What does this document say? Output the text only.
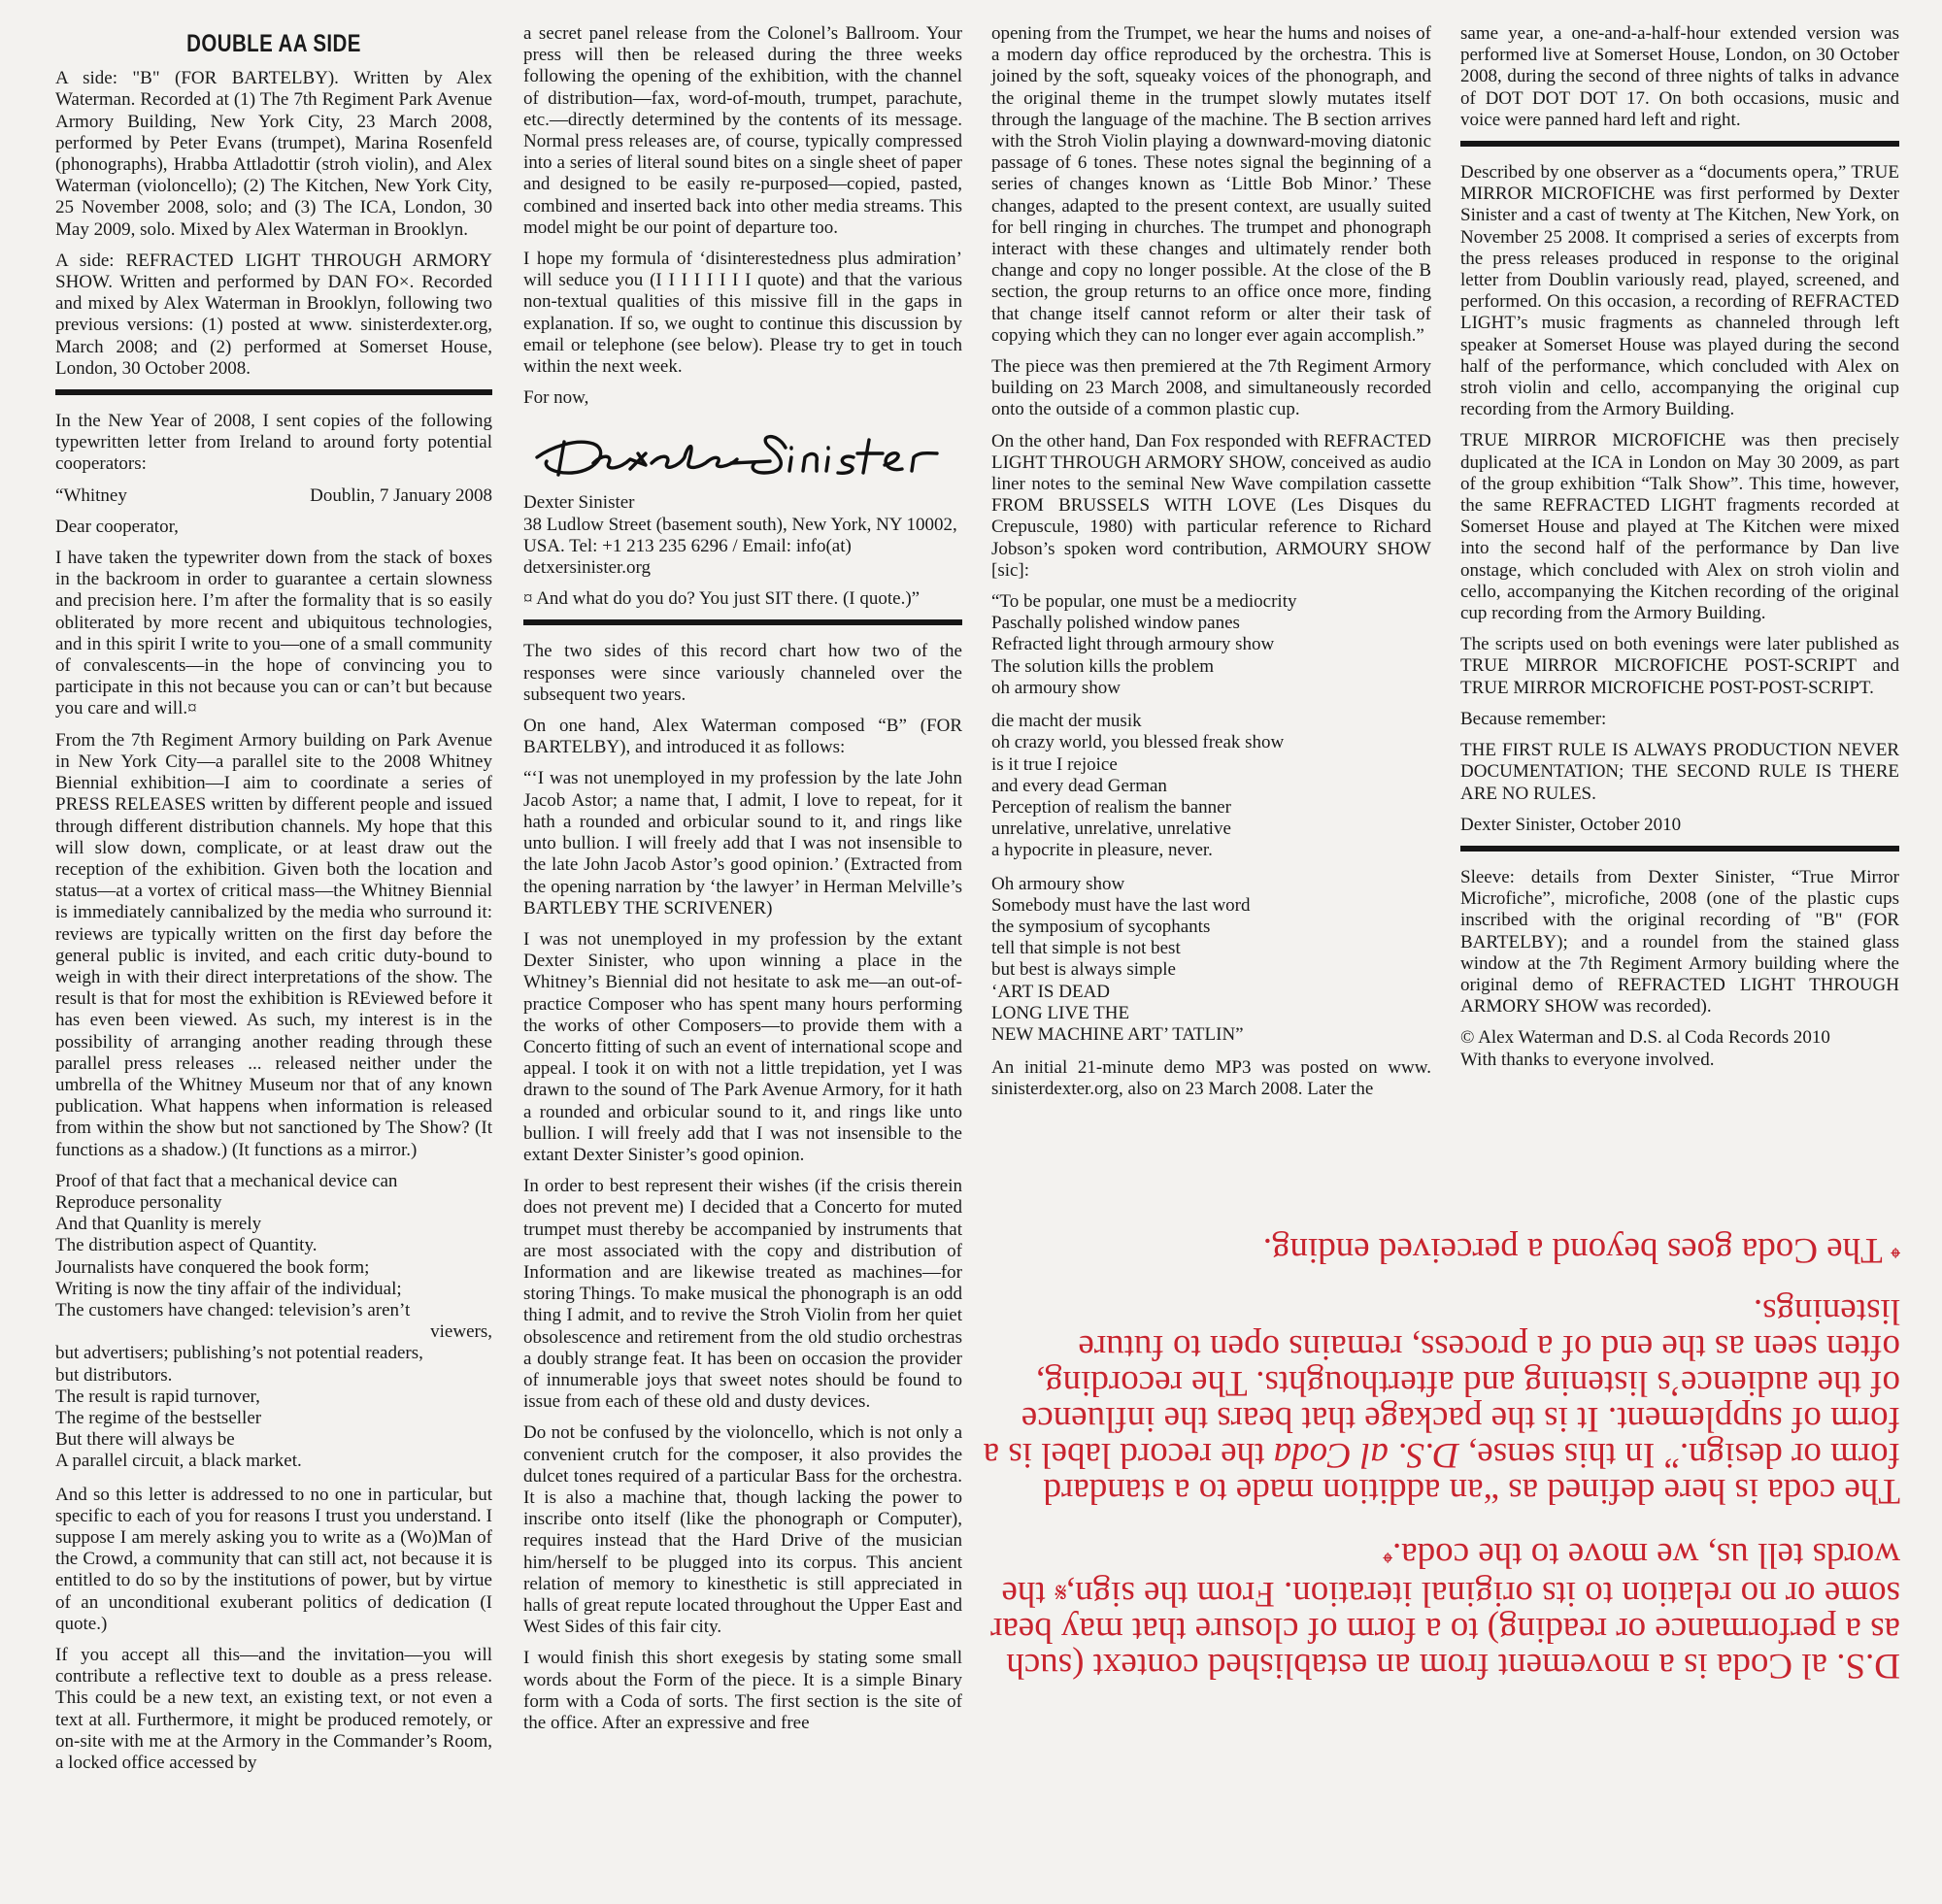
DOUBLE AA SIDE

A side: "B" (FOR BARTELBY). Written by Alex Waterman. Recorded at (1) The 7th Regiment Park Avenue Armory Building, New York City, 23 March 2008, performed by Peter Evans (trumpet), Marina Rosenfeld (phonographs), Hrabba Attladottir (stroh violin), and Alex Waterman (violoncello); (2) The Kitchen, New York City, 25 November 2008, solo; and (3) The ICA, London, 30 May 2009, solo. Mixed by Alex Waterman in Brooklyn.

A side: REFRACTED LIGHT THROUGH ARMORY SHOW. Written and performed by DAN FO×. Recorded and mixed by Alex Waterman in Brooklyn, following two previous versions: (1) posted at www. sinisterdexter.org, March 2008; and (2) performed at Somerset House, London, 30 October 2008.

In the New Year of 2008, I sent copies of the following typewritten letter from Ireland to around forty potential cooperators:

“Whitney	Doublin, 7 January 2008

Dear cooperator,

I have taken the typewriter down from the stack of boxes in the backroom in order to guarantee a certain slowness and precision here. I’m after the formality that is so easily obliterated by more recent and ubiquitous technologies, and in this spirit I write to you—one of a small community of convalescents—in the hope of convincing you to participate in this not because you can or can’t but because you care and will.¤

From the 7th Regiment Armory building on Park Avenue in New York City—a parallel site to the 2008 Whitney Biennial exhibition—I aim to coordinate a series of PRESS RELEASES written by different people and issued through different distribution channels. My hope that this will slow down, complicate, or at least draw out the reception of the exhibition. Given both the location and status—at a vortex of critical mass—the Whitney Biennial is immediately cannibalized by the media who surround it: reviews are typically written on the first day before the general public is invited, and each critic duty-bound to weigh in with their direct interpretations of the show. The result is that for most the exhibition is REviewed before it has even been viewed. As such, my interest is in the possibility of arranging another reading through these parallel press releases ... released neither under the umbrella of the Whitney Museum nor that of any known publication. What happens when information is released from within the show but not sanctioned by The Show? (It functions as a shadow.) (It functions as a mirror.)

Proof of that fact that a mechanical device can
Reproduce personality
And that Quanlity is merely
The distribution aspect of Quantity.
Journalists have conquered the book form;
Writing is now the tiny affair of the individual;
The customers have changed: television’s aren’t
viewers,
but advertisers; publishing’s not potential readers,
but distributors.
The result is rapid turnover,
The regime of the bestseller
But there will always be
A parallel circuit, a black market.

And so this letter is addressed to no one in particular, but specific to each of you for reasons I trust you understand. I suppose I am merely asking you to write as a (Wo)Man of the Crowd, a community that can still act, not because it is entitled to do so by the institutions of power, but by virtue of an unconditional exuberant politics of dedication (I quote.)

If you accept all this—and the invitation—you will contribute a reflective text to double as a press release. This could be a new text, an existing text, or not even a text at all. Furthermore, it might be produced remotely, or on-site with me at the Armory in the Commander’s Room, a locked office accessed by

a secret panel release from the Colonel’s Ballroom. Your press will then be released during the three weeks following the opening of the exhibition, with the channel of distribution—fax, word-of-mouth, trumpet, parachute, etc.—directly determined by the contents of its message. Normal press releases are, of course, typically compressed into a series of literal sound bites on a single sheet of paper and designed to be easily re-purposed—copied, pasted, combined and inserted back into other media streams. This model might be our point of departure too.

I hope my formula of ‘disinterestedness plus admiration’ will seduce you (I I I I I I I I quote) and that the various non-textual qualities of this missive fill in the gaps in explanation. If so, we ought to continue this discussion by email or telephone (see below). Please try to get in touch within the next week.

For now,

Dexter Sinister

38 Ludlow Street (basement south), New York, NY 10002, USA. Tel: +1 213 235 6296 / Email: info(at) detxersinister.org

¤ And what do you do? You just SIT there. (I quote.)”

The two sides of this record chart how two of the responses were since variously channeled over the subsequent two years.

On one hand, Alex Waterman composed “B” (FOR BARTELBY), and introduced it as follows:

“‘I was not unemployed in my profession by the late John Jacob Astor; a name that, I admit, I love to repeat, for it hath a rounded and orbicular sound to it, and rings like unto bullion. I will freely add that I was not insensible to the late John Jacob Astor’s good opinion.’ (Extracted from the opening narration by ‘the lawyer’ in Herman Melville’s BARTLEBY THE SCRIVENER)

I was not unemployed in my profession by the extant Dexter Sinister, who upon winning a place in the Whitney’s Biennial did not hesitate to ask me—an out-of-practice Composer who has spent many hours performing the works of other Composers—to provide them with a Concerto fitting of such an event of international scope and appeal. I took it on with not a little trepidation, yet I was drawn to the sound of The Park Avenue Armory, for it hath a rounded and orbicular sound to it, and rings like unto bullion. I will freely add that I was not insensible to the extant Dexter Sinister’s good opinion.

In order to best represent their wishes (if the crisis therein does not prevent me) I decided that a Concerto for muted trumpet must thereby be accompanied by instruments that are most associated with the copy and distribution of Information and are likewise treated as machines—for storing Things. To make musical the phonograph is an odd thing I admit, and to revive the Stroh Violin from her quiet obsolescence and retirement from the old studio orchestras a doubly strange feat. It has been on occasion the provider of innumerable joys that sweet notes should be found to issue from each of these old and dusty devices.

Do not be confused by the violoncello, which is not only a convenient crutch for the composer, it also provides the dulcet tones required of a particular Bass for the orchestra. It is also a machine that, though lacking the power to inscribe onto itself (like the phonograph or Computer), requires instead that the Hard Drive of the musician him/herself to be plugged into its corpus. This ancient relation of memory to kinesthetic is still appreciated in halls of great repute located throughout the Upper East and West Sides of this fair city.

I would finish this short exegesis by stating some small words about the Form of the piece. It is a simple Binary form with a Coda of sorts. The first section is the site of the office. After an expressive and free

opening from the Trumpet, we hear the hums and noises of a modern day office reproduced by the orchestra. This is joined by the soft, squeaky voices of the phonograph, and the original theme in the trumpet slowly mutates itself through the language of the machine. The B section arrives with the Stroh Violin playing a downward-moving diatonic passage of 6 tones. These notes signal the beginning of a series of changes known as ‘Little Bob Minor.’ These changes, adapted to the present context, are usually suited for bell ringing in churches. The trumpet and phonograph interact with these changes and ultimately render both change and copy no longer possible. At the close of the B section, the group returns to an office once more, finding that change itself cannot reform or alter their task of copying which they can no longer ever again accomplish.”

The piece was then premiered at the 7th Regiment Armory building on 23 March 2008, and simultaneously recorded onto the outside of a common plastic cup.

On the other hand, Dan Fox responded with REFRACTED LIGHT THROUGH ARMORY SHOW, conceived as audio liner notes to the seminal New Wave compilation cassette FROM BRUSSELS WITH LOVE (Les Disques du Crepuscule, 1980) with particular reference to Richard Jobson’s spoken word contribution, ARMOURY SHOW [sic]:

“To be popular, one must be a mediocrity
Paschally polished window panes
Refracted light through armoury show
The solution kills the problem
oh armoury show
die macht der musik
oh crazy world, you blessed freak show
is it true I rejoice
and every dead German
Perception of realism the banner
unrelative, unrelative, unrelative
a hypocrite in pleasure, never.
Oh armoury show
Somebody must have the last word
the symposium of sycophants
tell that simple is not best
but best is always simple
‘ART IS DEAD
LONG LIVE THE
NEW MACHINE ART’ TATLIN”

An initial 21-minute demo MP3 was posted on www. sinisterdexter.org, also on 23 March 2008. Later the

same year, a one-and-a-half-hour extended version was performed live at Somerset House, London, on 30 October 2008, during the second of three nights of talks in advance of DOT DOT DOT 17. On both occasions, music and voice were panned hard left and right.

Described by one observer as a “documents opera,” TRUE MIRROR MICROFICHE was first performed by Dexter Sinister and a cast of twenty at The Kitchen, New York, on November 25 2008. It comprised a series of excerpts from the press releases produced in response to the original letter from Doublin variously read, played, screened, and performed. On this occasion, a recording of REFRACTED LIGHT’s music fragments as channeled through left speaker at Somerset House was played during the second half of the performance, which concluded with Alex on stroh violin and cello, accompanying the original cup recording from the Armory Building.

TRUE MIRROR MICROFICHE was then precisely duplicated at the ICA in London on May 30 2009, as part of the group exhibition “Talk Show”. This time, however, the same REFRACTED LIGHT fragments recorded at Somerset House and played at The Kitchen were mixed into the second half of the performance by Dan live onstage, which concluded with Alex on stroh violin and cello, accompanying the Kitchen recording of the original cup recording from the Armory Building.

The scripts used on both evenings were later published as TRUE MIRROR MICROFICHE POST-SCRIPT and TRUE MIRROR MICROFICHE POST-POST-SCRIPT.

Because remember:

THE FIRST RULE IS ALWAYS PRODUCTION NEVER DOCUMENTATION; THE SECOND RULE IS THERE ARE NO RULES.

Dexter Sinister, October 2010

Sleeve: details from Dexter Sinister, “True Mirror Microfiche”, microfiche, 2008 (one of the plastic cups inscribed with the original recording of "B" (FOR BARTELBY); and a roundel from the stained glass window at the 7th Regiment Armory building where the original demo of REFRACTED LIGHT THROUGH ARMORY SHOW was recorded).

© Alex Waterman and D.S. al Coda Records 2010

With thanks to everyone involved.

D.S. al Coda is a movement from an established context (such as a performance or reading) to a form of closure that may bear some or no relation to its original iteration. From the sign,𝄋 the words tell us, we move to the coda.𝄌

The coda is here defined as “an addition made to a standard form or design.” In this sense, D.S. al Coda the record label is a form of supplement. It is the package that bears the influence of the audience’s listening and afterthoughts. The recording, often seen as the end of a process, remains open to future listenings.

𝄌 The Coda goes beyond a perceived ending.
